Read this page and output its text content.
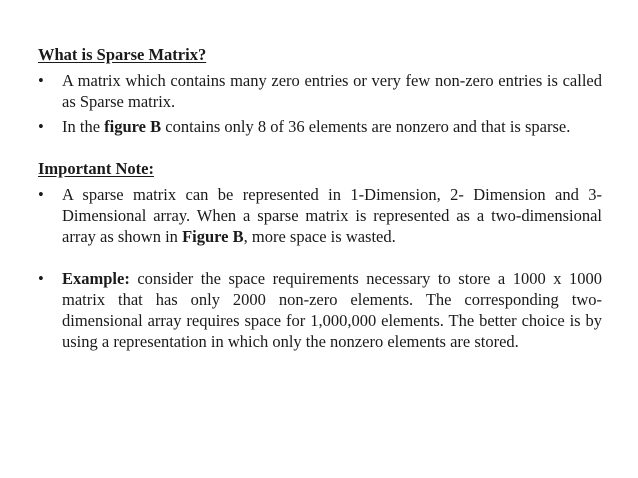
What is Sparse Matrix?

•	A matrix which contains many zero entries or very few non-zero entries is called as Sparse matrix.
•	In the figure B contains only 8 of 36 elements are nonzero and that is sparse.

Important Note:

•	A sparse matrix can be represented in 1-Dimension, 2- Dimension and 3-Dimensional array. When a sparse matrix is represented as a two-dimensional array as shown in Figure B, more space is wasted.
•	Example: consider the space requirements necessary to store a 1000 x 1000 matrix that has only 2000 non-zero elements. The corresponding two-dimensional array requires space for 1,000,000 elements. The better choice is by using a representation in which only the nonzero elements are stored.
